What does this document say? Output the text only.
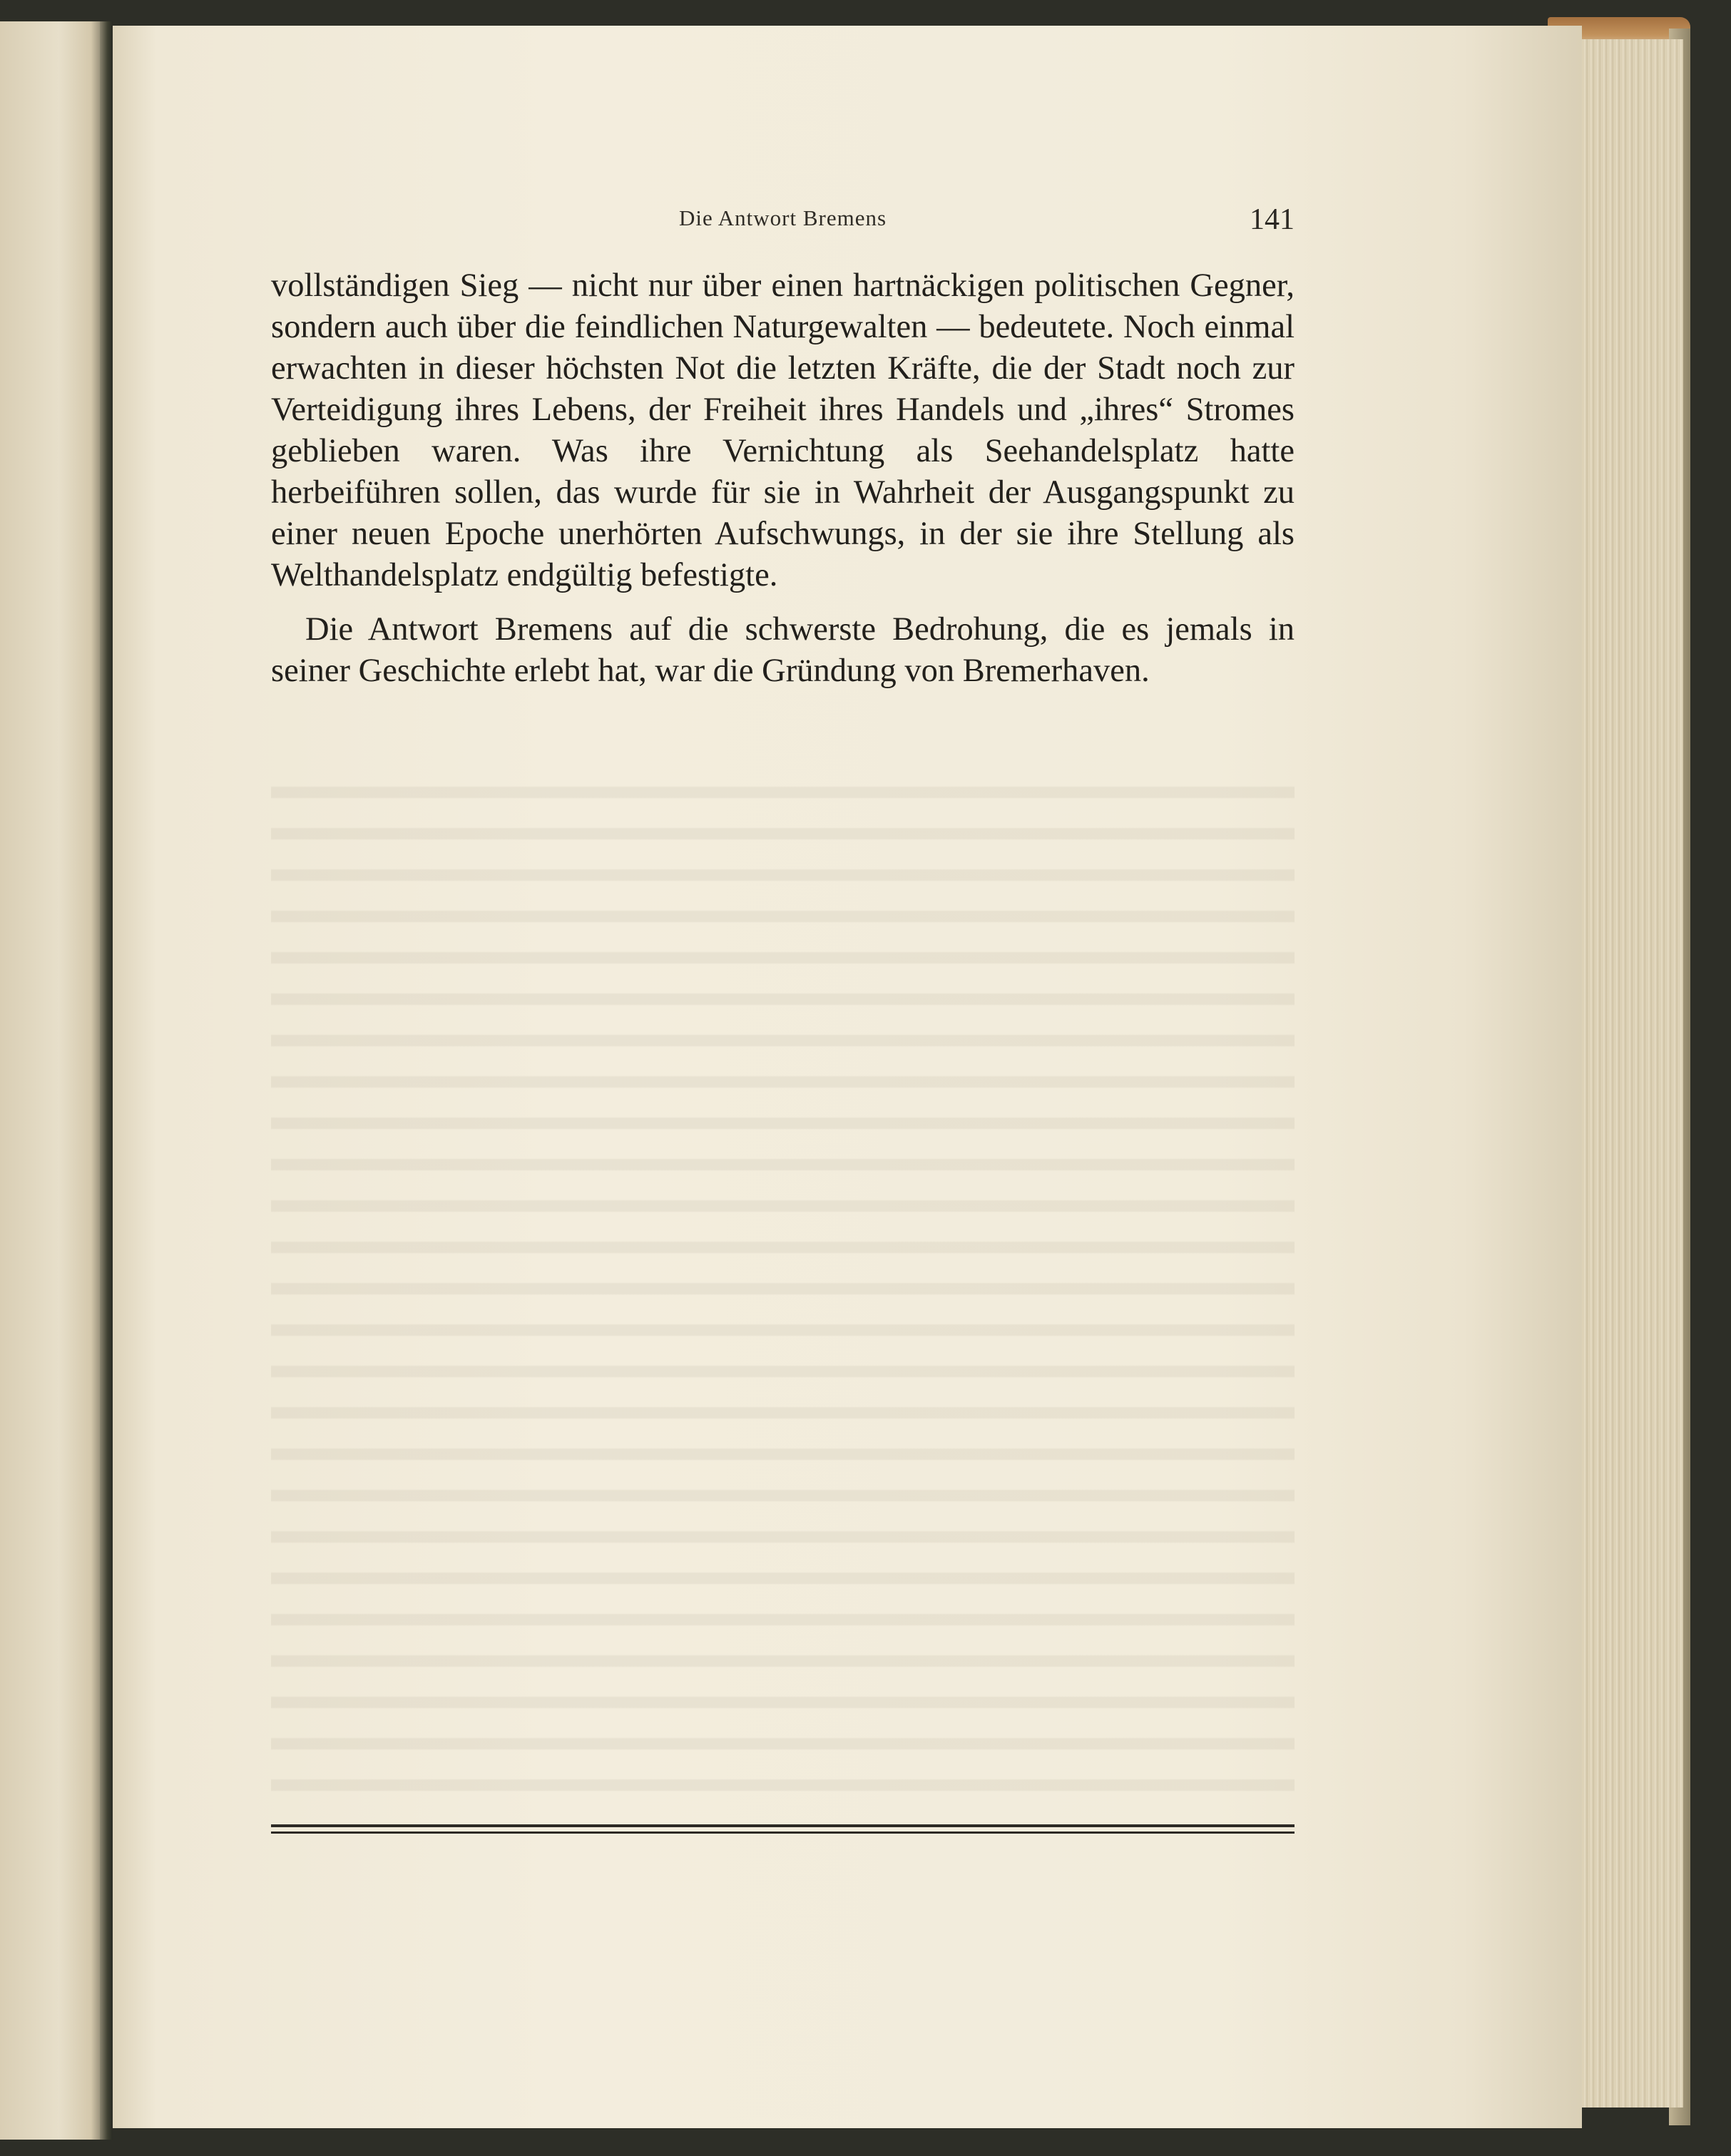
Die Antwort Bremens	141

vollständigen Sieg — nicht nur über einen hartnäckigen politischen Gegner, sondern auch über die feindlichen Naturgewalten — bedeutete. Noch einmal erwachten in dieser höchsten Not die letzten Kräfte, die der Stadt noch zur Verteidigung ihres Lebens, der Freiheit ihres Handels und „ihres“ Stromes geblieben waren. Was ihre Vernichtung als Seehandelsplatz hatte herbeiführen sollen, das wurde für sie in Wahrheit der Ausgangspunkt zu einer neuen Epoche unerhörten Aufschwungs, in der sie ihre Stellung als Welthandelsplatz endgültig befestigte.

Die Antwort Bremens auf die schwerste Bedrohung, die es jemals in seiner Geschichte erlebt hat, war die Gründung von Bremerhaven.
